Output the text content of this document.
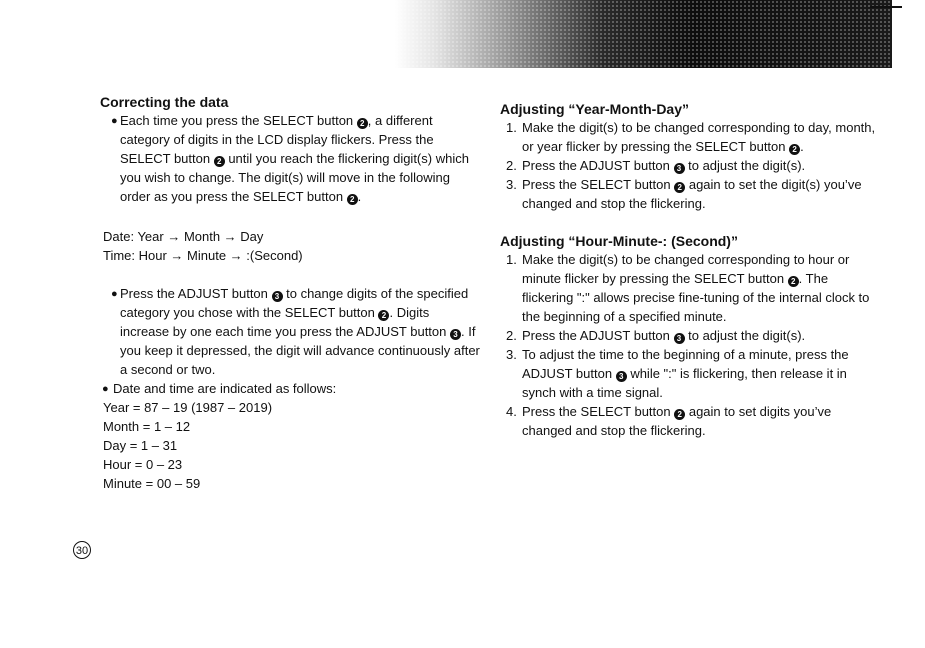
Correcting the data

● Each time you press the SELECT button 2 , a different category of digits in the LCD display flickers. Press the SELECT button 2 until you reach the flickering digit(s) which you wish to change. The digit(s) will move in the following order as you press the SELECT button 2 .

Date: Year → Month → Day

Time: Hour → Minute → :(Second)

● Press the ADJUST button 3 to change digits of the specified category you chose with the SELECT button 2 . Digits increase by one each time you press the ADJUST button 3 . If you keep it depressed, the digit will advance continuously after a second or two.

● Date and time are indicated as follows:

Year = 87 – 19 (1987 – 2019)

Month = 1 – 12

Day = 1 – 31

Hour = 0 – 23

Minute = 00 – 59

Adjusting “Year-Month-Day”
1. Make the digit(s) to be changed corresponding to day, month, or year flicker by pressing the SELECT button 2 .
2. Press the ADJUST button 3 to adjust the digit(s).
3. Press the SELECT button 2 again to set the digit(s) you’ve changed and stop the flickering.
Adjusting “Hour-Minute-: (Second)”
1. Make the digit(s) to be changed corresponding to hour or minute flicker by pressing the SELECT button 2 . The flickering ":" allows precise fine-tuning of the internal clock to the beginning of a specified minute.
2. Press the ADJUST button 3 to adjust the digit(s).
3. To adjust the time to the beginning of a minute, press the ADJUST button 3 while ":" is flickering, then release it in synch with a time signal.
4. Press the SELECT button 2 again to set digits you’ve changed and stop the flickering.
30
